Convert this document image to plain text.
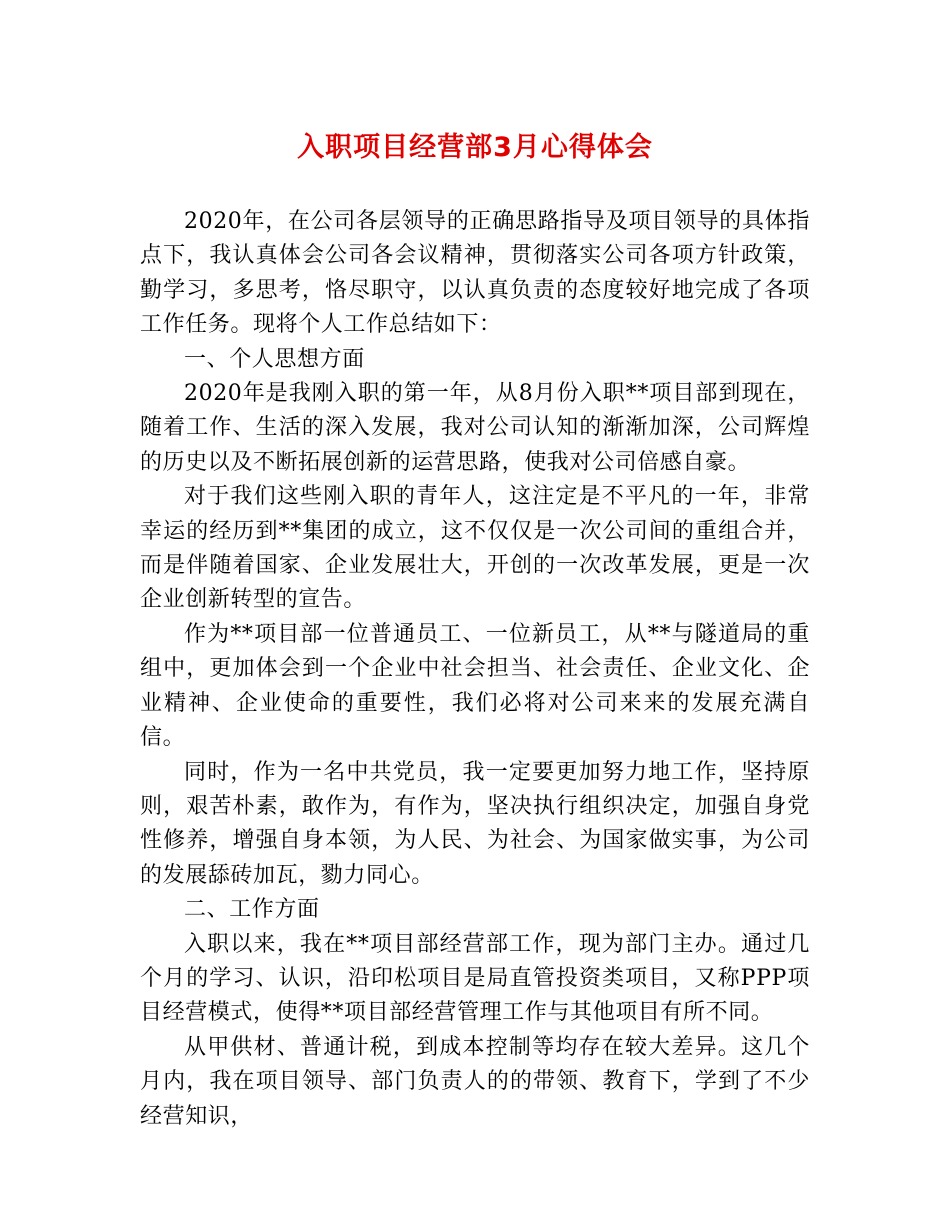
入职项目经营部3月心得体会

2020年，在公司各层领导的正确思路指导及项目领导的具体指点下，我认真体会公司各会议精神，贯彻落实公司各项方针政策，勤学习，多思考，恪尽职守，以认真负责的态度较好地完成了各项工作任务。现将个人工作总结如下：

一、个人思想方面

2020年是我刚入职的第一年，从8月份入职**项目部到现在，随着工作、生活的深入发展，我对公司认知的渐渐加深，公司辉煌的历史以及不断拓展创新的运营思路，使我对公司倍感自豪。

对于我们这些刚入职的青年人，这注定是不平凡的一年，非常幸运的经历到**集团的成立，这不仅仅是一次公司间的重组合并，而是伴随着国家、企业发展壮大，开创的一次改革发展，更是一次企业创新转型的宣告。

作为**项目部一位普通员工、一位新员工，从**与隧道局的重组中，更加体会到一个企业中社会担当、社会责任、企业文化、企业精神、企业使命的重要性，我们必将对公司来来的发展充满自信。

同时，作为一名中共党员，我一定要更加努力地工作，坚持原则，艰苦朴素，敢作为，有作为，坚决执行组织决定，加强自身党性修养，增强自身本领，为人民、为社会、为国家做实事，为公司的发展舔砖加瓦，勠力同心。

二、工作方面

入职以来，我在**项目部经营部工作，现为部门主办。通过几个月的学习、认识，沿印松项目是局直管投资类项目，又称PPP项目经营模式，使得**项目部经营管理工作与其他项目有所不同。

从甲供材、普通计税，到成本控制等均存在较大差异。这几个月内，我在项目领导、部门负责人的的带领、教育下，学到了不少经营知识，
